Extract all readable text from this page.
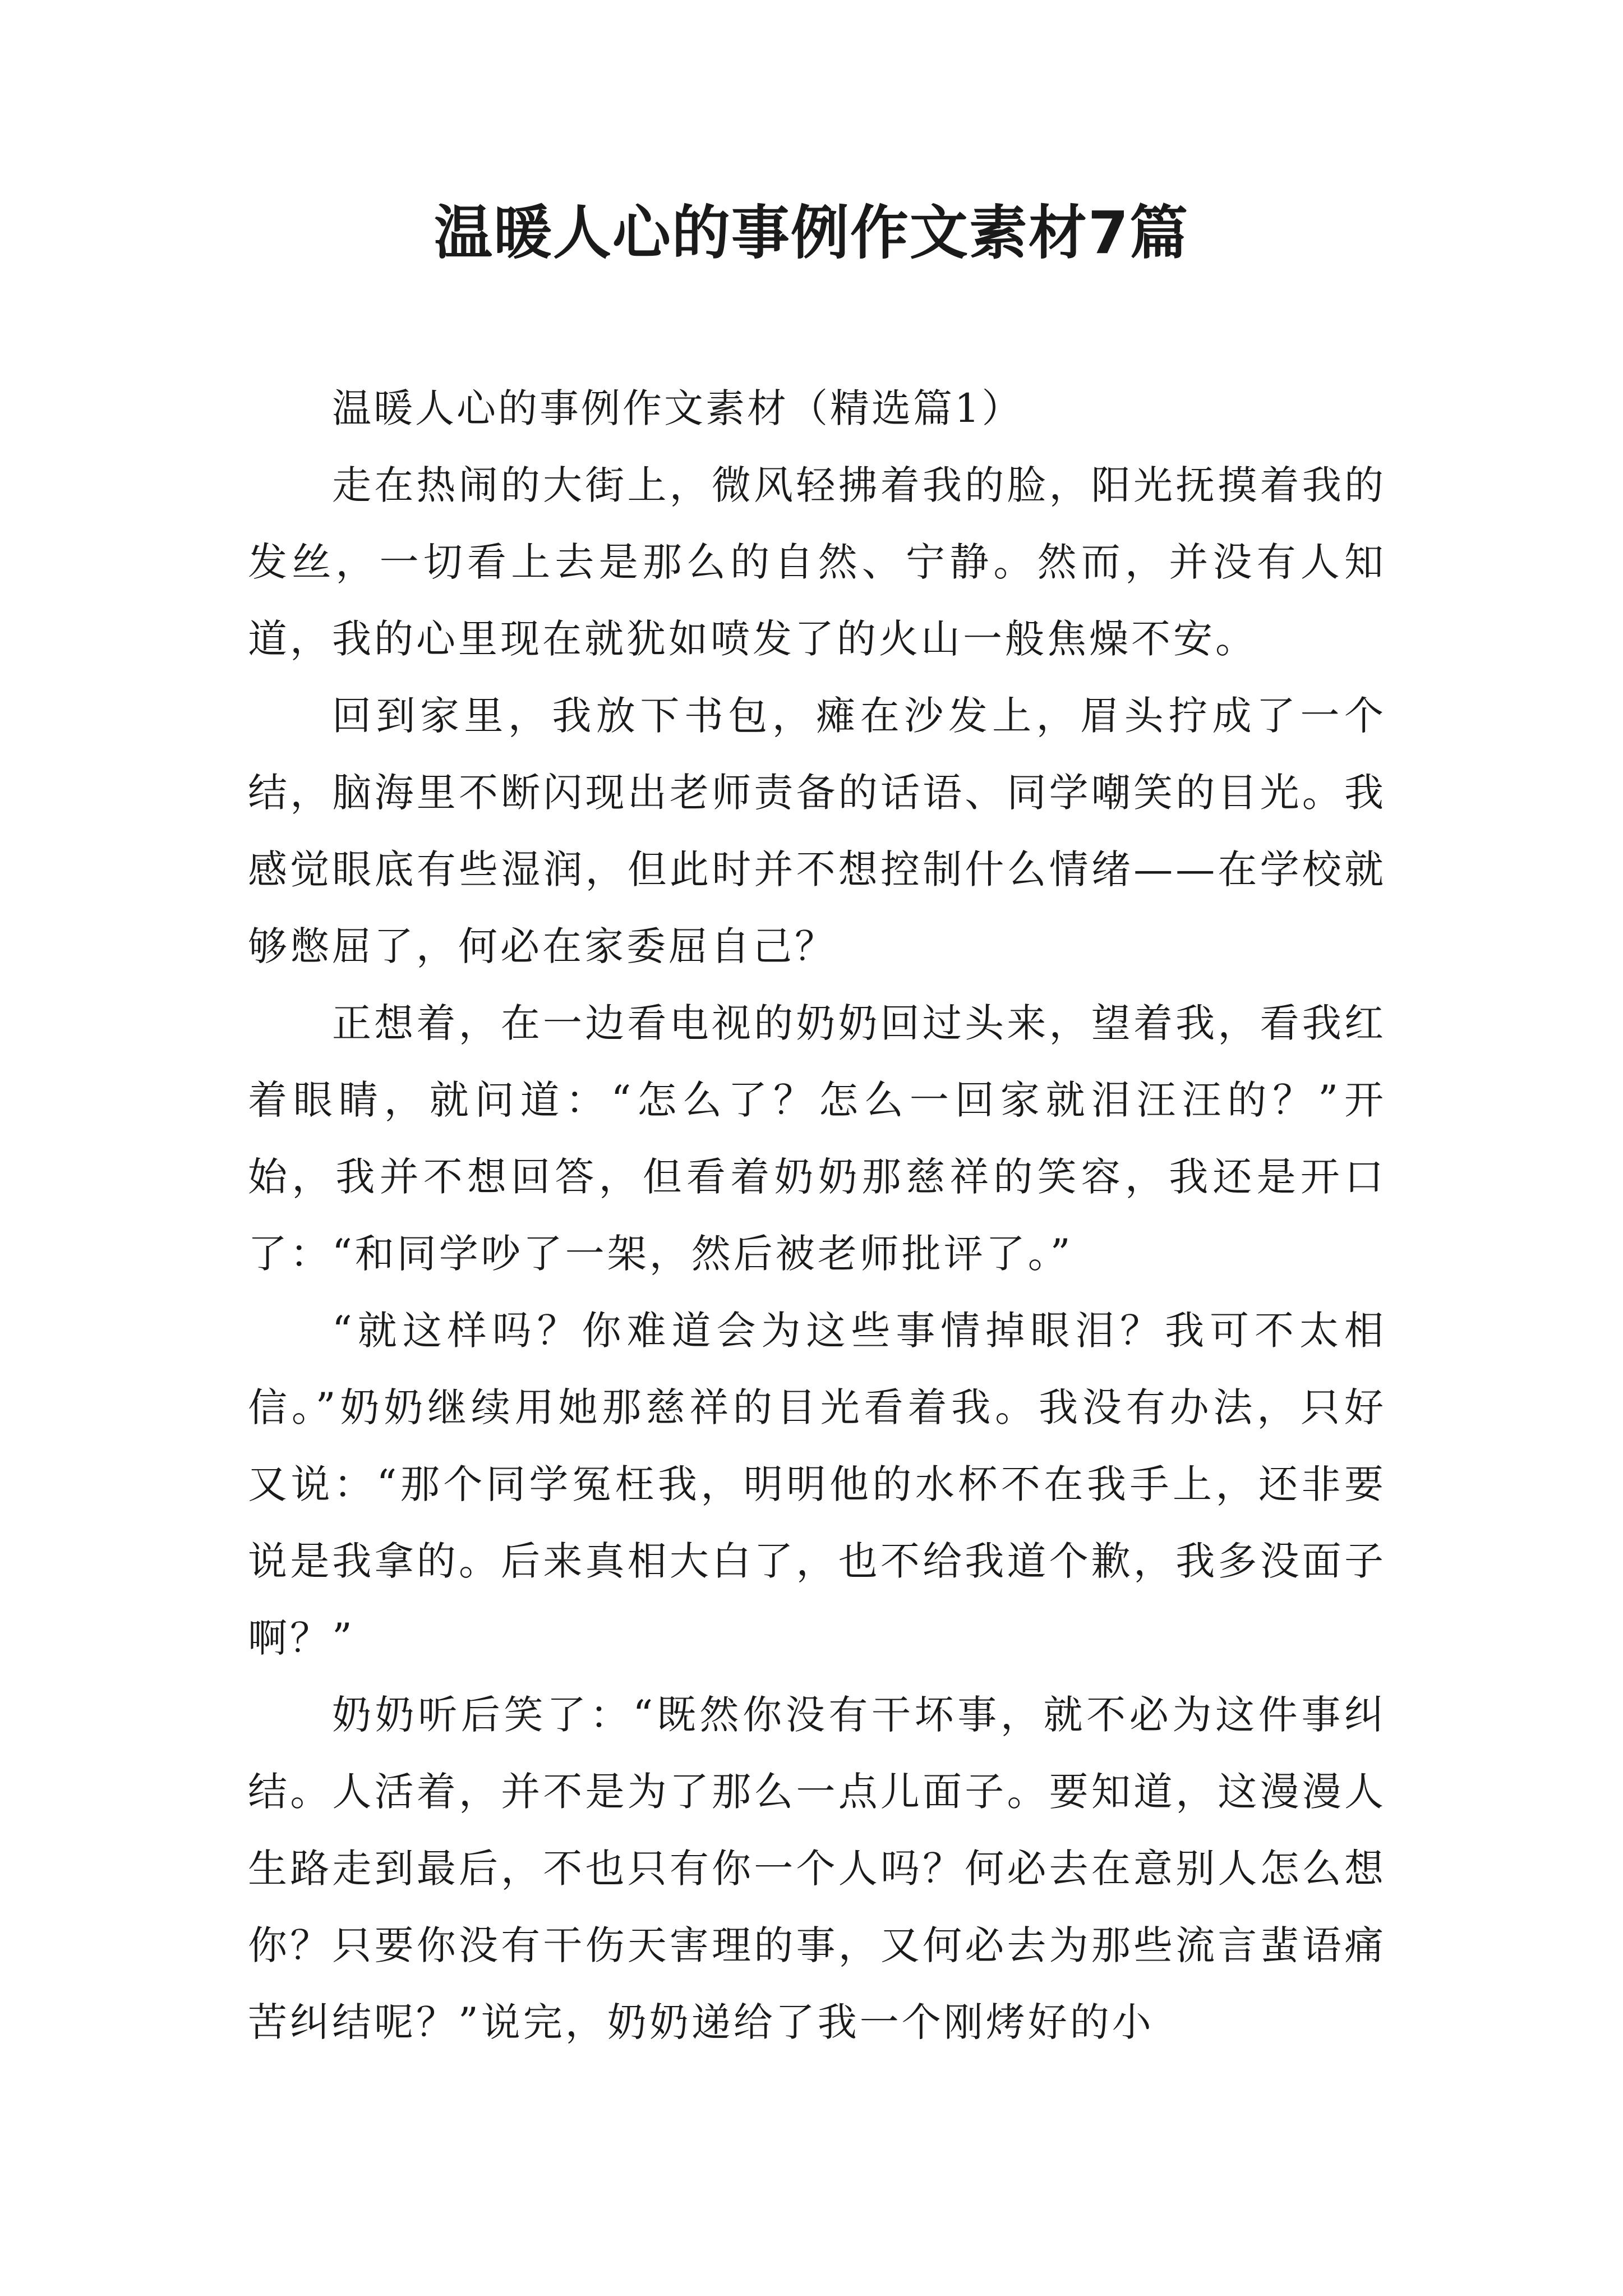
温暖人心的事例作文素材7篇

温暖人心的事例作文素材（精选篇1）

走在热闹的大街上，微风轻拂着我的脸，阳光抚摸着我的发丝，一切看上去是那么的自然、宁静。然而，并没有人知道，我的心里现在就犹如喷发了的火山一般焦燥不安。

回到家里，我放下书包，瘫在沙发上，眉头拧成了一个结，脑海里不断闪现出老师责备的话语、同学嘲笑的目光。我感觉眼底有些湿润，但此时并不想控制什么情绪——在学校就够憋屈了，何必在家委屈自己？

正想着，在一边看电视的奶奶回过头来，望着我，看我红着眼睛，就问道：“怎么了？怎么一回家就泪汪汪的？”开始，我并不想回答，但看着奶奶那慈祥的笑容，我还是开口了：“和同学吵了一架，然后被老师批评了。”

“就这样吗？你难道会为这些事情掉眼泪？我可不太相信。”奶奶继续用她那慈祥的目光看着我。我没有办法，只好又说：“那个同学冤枉我，明明他的水杯不在我手上，还非要说是我拿的。后来真相大白了，也不给我道个歉，我多没面子啊？”

奶奶听后笑了：“既然你没有干坏事，就不必为这件事纠结。人活着，并不是为了那么一点儿面子。要知道，这漫漫人生路走到最后，不也只有你一个人吗？何必去在意别人怎么想你？只要你没有干伤天害理的事，又何必去为那些流言蜚语痛苦纠结呢？”说完，奶奶递给了我一个刚烤好的小
